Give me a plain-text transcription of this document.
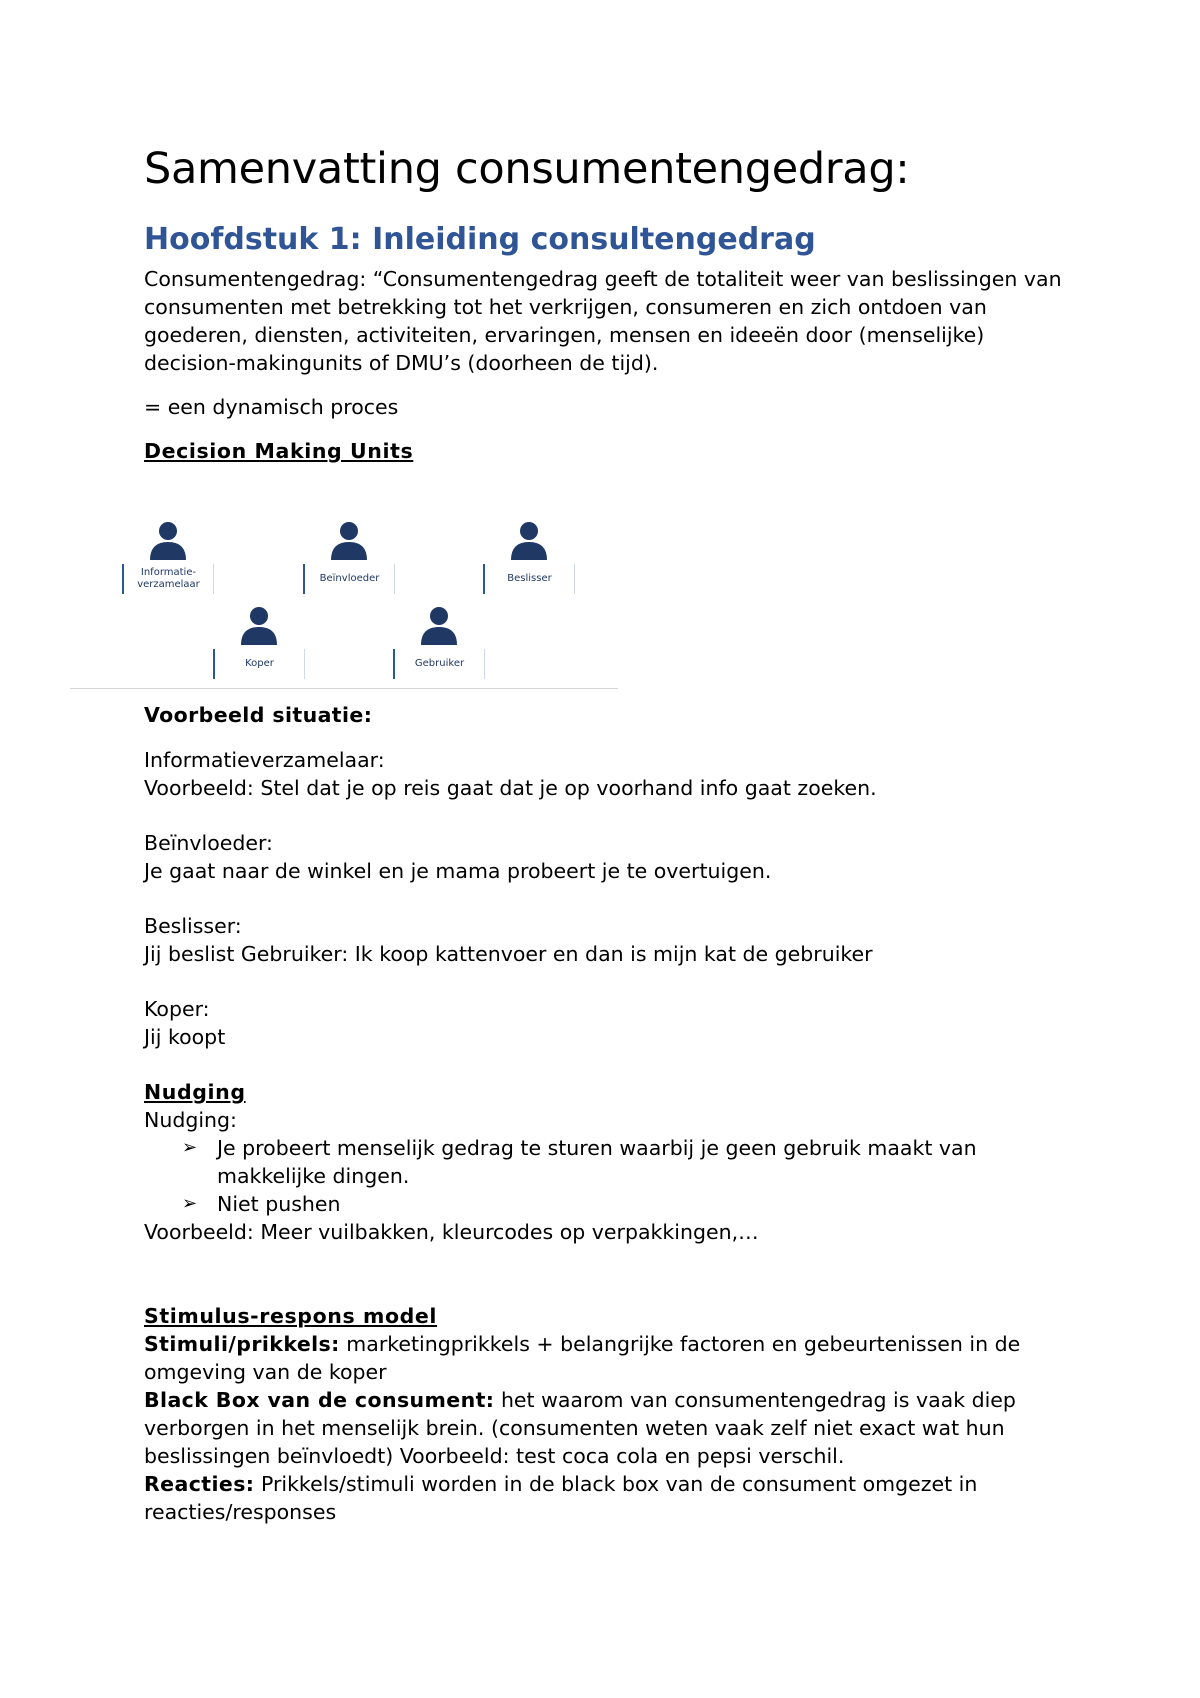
Samenvatting consumentengedrag:
Hoofdstuk 1: Inleiding consultengedrag

Consumentengedrag: “Consumentengedrag geeft de totaliteit weer van beslissingen van consumenten met betrekking tot het verkrijgen, consumeren en zich ontdoen van goederen, diensten, activiteiten, ervaringen, mensen en ideeën door (menselijke) decision-makingunits of DMU’s (doorheen de tijd).

= een dynamisch proces

Decision Making Units

Informatie-verzamelaar
Beïnvloeder	Beslisser
Koper	Gebruiker

Voorbeeld situatie:

Informatieverzamelaar:

Voorbeeld: Stel dat je op reis gaat dat je op voorhand info gaat zoeken.

Beïnvloeder:

Je gaat naar de winkel en je mama probeert je te overtuigen.

Beslisser:

Jij beslist Gebruiker: Ik koop kattenvoer en dan is mijn kat de gebruiker

Koper:

Jij koopt

Nudging

Nudging:

➢ Je probeert menselijk gedrag te sturen waarbij je geen gebruik maakt van makkelijke dingen.
➢ Niet pushen

Voorbeeld: Meer vuilbakken, kleurcodes op verpakkingen,…

Stimulus-respons model

Stimuli/prikkels: marketingprikkels + belangrijke factoren en gebeurtenissen in de omgeving van de koper
Black Box van de consument: het waarom van consumentengedrag is vaak diep verborgen in het menselijk brein. (consumenten weten vaak zelf niet exact wat hun beslissingen beïnvloedt) Voorbeeld: test coca cola en pepsi verschil.
Reacties: Prikkels/stimuli worden in de black box van de consument omgezet in reacties/responses
